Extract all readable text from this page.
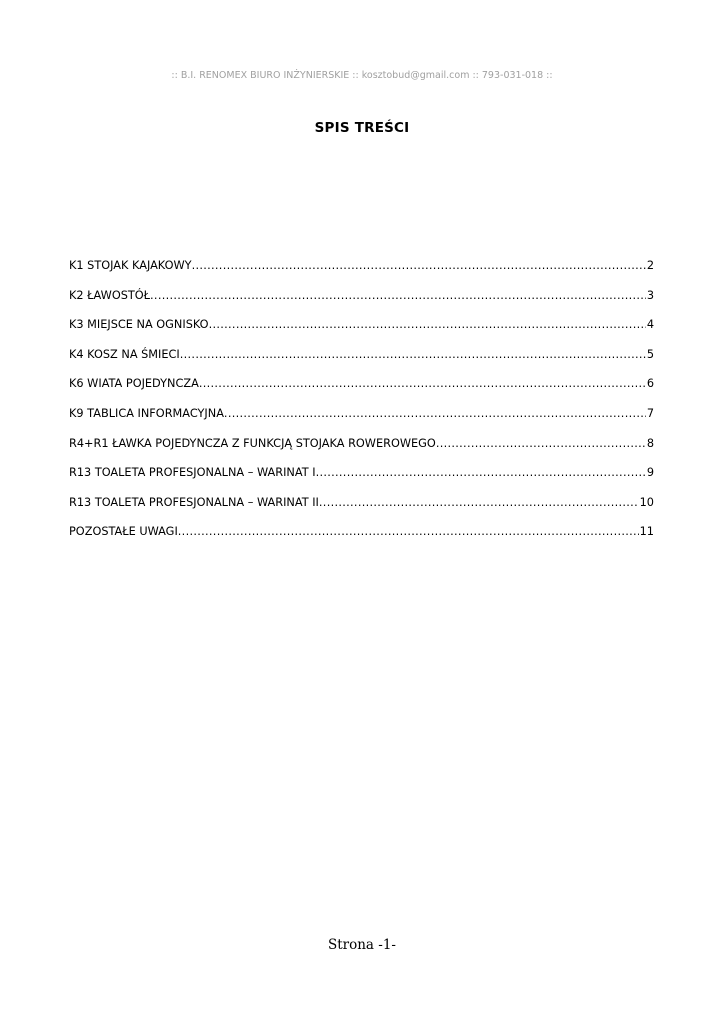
:: B.I. RENOMEX BIURO INŻYNIERSKIE :: kosztobud@gmail.com :: 793-031-018 ::
SPIS TREŚCI
K1 STOJAK KAJAKOWY .....	2
K2 ŁAWOSTÓŁ .....	3
K3 MIEJSCE NA OGNISKO .....	4
K4 KOSZ NA ŚMIECI .....	5
K6 WIATA POJEDYNCZA .....	6
K9 TABLICA INFORMACYJNA .....	7
R4+R1 ŁAWKA POJEDYNCZA Z FUNKCJĄ STOJAKA ROWEROWEGO .....	8
R13 TOALETA PROFESJONALNA – WARINAT I .....	9
R13 TOALETA PROFESJONALNA – WARINAT II .....	10
POZOSTAŁE UWAGI .....	11
Strona -1-
